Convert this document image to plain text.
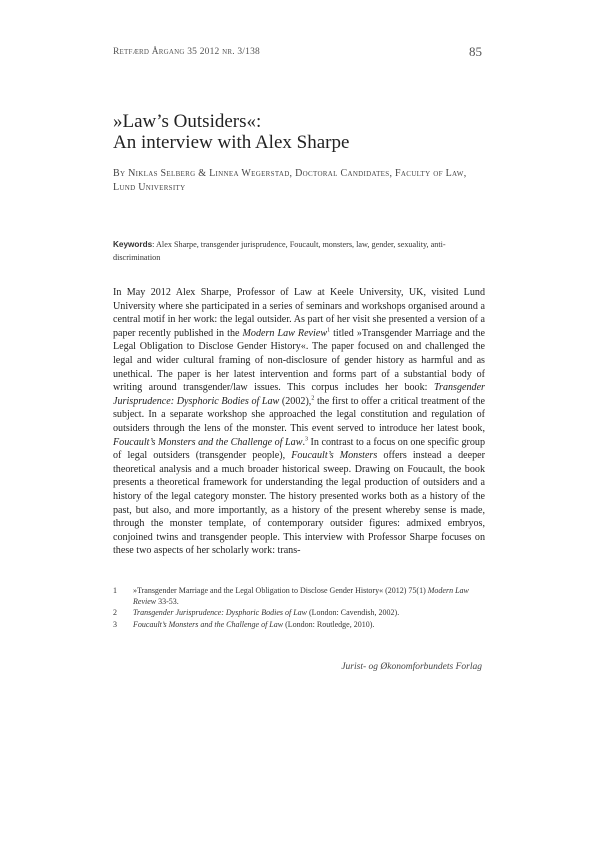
Retfærd Årgang 35 2012 nr. 3/138	85
»Law’s Outsiders«:
An interview with Alex Sharpe
By Niklas Selberg & Linnea Wegerstad, Doctoral Candidates, Faculty of Law, Lund University
Keywords: Alex Sharpe, transgender jurisprudence, Foucault, monsters, law, gender, sexuality, anti-discrimination

In May 2012 Alex Sharpe, Professor of Law at Keele University, UK, visited Lund University where she participated in a series of seminars and workshops organised around a central motif in her work: the legal outsider. As part of her visit she presented a version of a paper recently published in the Modern Law Review$^1$ titled »Transgender Marriage and the Legal Obligation to Disclose Gender History«. The paper focused on and challenged the legal and wider cultural framing of non-disclosure of gender history as harmful and as unethical. The paper is her latest intervention and forms part of a substantial body of writing around transgender/law issues. This corpus includes her book: Transgender Jurisprudence: Dysphoric Bodies of Law (2002),$^2$ the first to offer a critical treatment of the subject. In a separate workshop she approached the legal constitution and regulation of outsiders through the lens of the monster. This event served to introduce her latest book, Foucault’s Monsters and the Challenge of Law.$^3$ In contrast to a focus on one specific group of legal outsiders (transgender people), Foucault’s Monsters offers instead a deeper theoretical analysis and a much broader historical sweep. Drawing on Foucault, the book presents a theoretical framework for understanding the legal production of outsiders and a history of the legal category monster. The history presented works both as a history of the past, but also, and more importantly, as a history of the present whereby sense is made, through the monster template, of contemporary outsider figures: admixed embryos, conjoined twins and transgender people. This interview with Professor Sharpe focuses on these two aspects of her scholarly work: trans-

1	»Transgender Marriage and the Legal Obligation to Disclose Gender History« (2012) 75(1) Modern Law Review 33-53.
2	Transgender Jurisprudence: Dysphoric Bodies of Law (London: Cavendish, 2002).
3	Foucault’s Monsters and the Challenge of Law (London: Routledge, 2010).
Jurist- og Økonomforbundets Forlag
